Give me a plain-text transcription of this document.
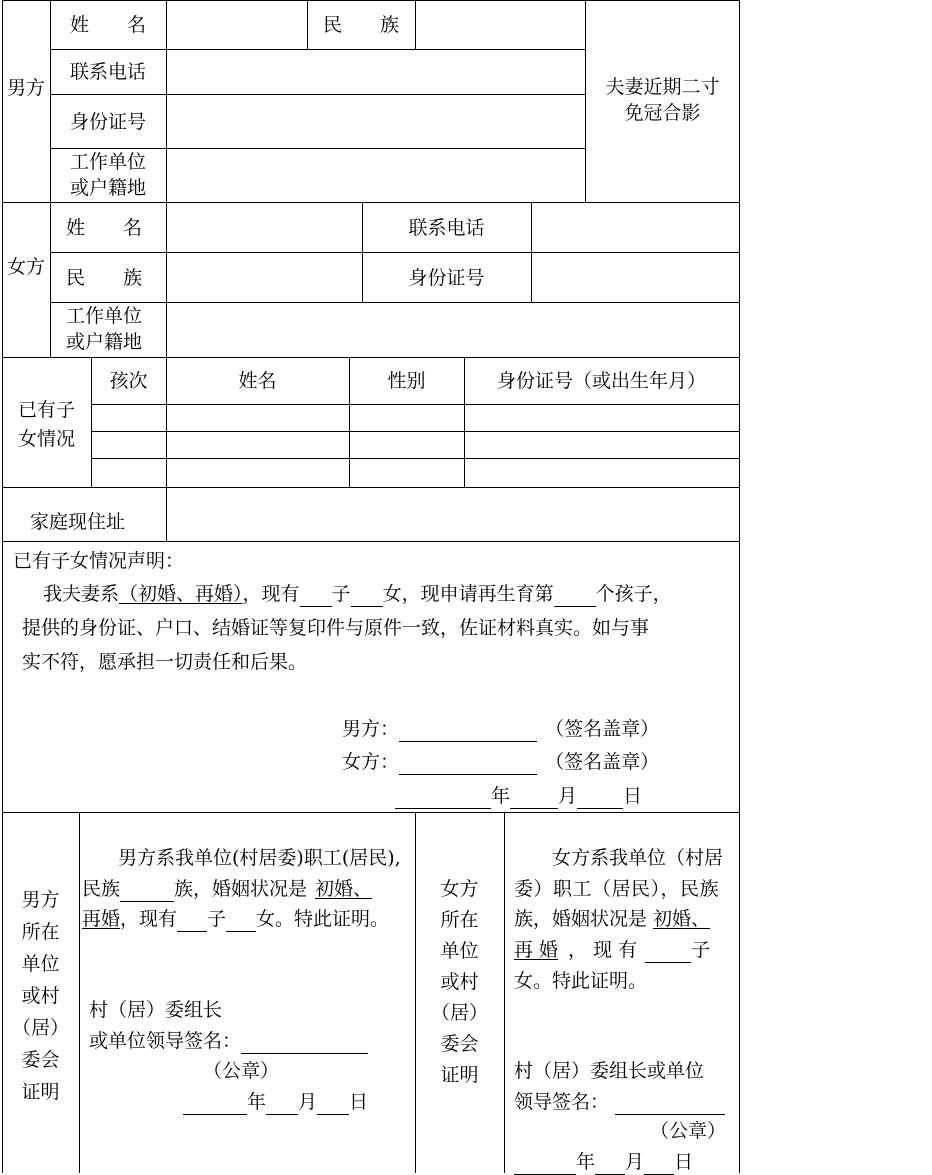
男方
姓　　名	民　　族
联系电话
身份证号
工作单位
或户籍地
夫妻近期二寸
免冠合影
女方
姓　　名	联系电话
民　　族	身份证号
工作单位
或户籍地
已有子
女情况
孩次	姓名	性别	身份证号（或出生年月）
家庭现住址
已有子女情况声明：
我夫妻系（初婚、再婚），现有 子 女，现申请再生育第 个孩子，
提供的身份证、户口、结婚证等复印件与原件一致，佐证材料真实。如与事
实不符，愿承担一切责任和后果。
男方：	（签名盖章）
女方：	（签名盖章）
年	月 日
男方
所在
单位
或村
（居）
委会
证明
男方系我单位(村居委)职工(居民),
民族	族，婚姻状况是 初婚、
再婚，现有 子 女。特此证明。
村（居）委组长
或单位领导签名：
（公章）
年 月 日
女方
所在
单位
或村
（居）
委会
证明
女方系我单位（村居
委）职工（居民），民族
族，婚姻状况是 初婚、
再 婚 ， 现 有	子
女。特此证明。
村（居）委组长或单位
领导签名：
（公章）
年 月 日
